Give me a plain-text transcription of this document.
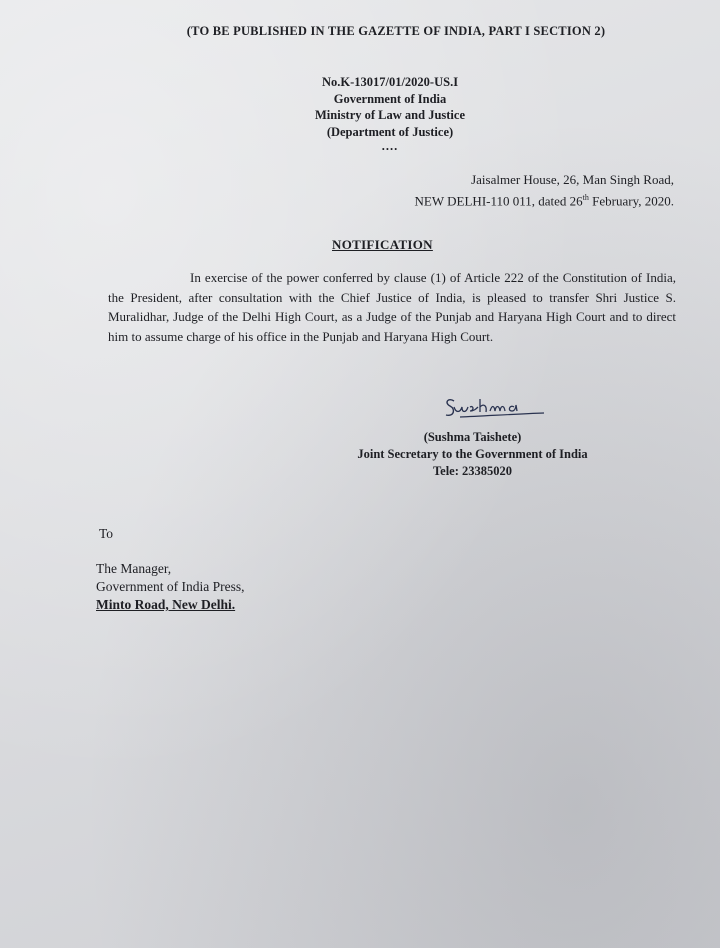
(TO BE PUBLISHED IN THE GAZETTE OF INDIA, PART I SECTION 2)
No.K-13017/01/2020-US.I
Government of India
Ministry of Law and Justice
(Department of Justice)
....
Jaisalmer House, 26, Man Singh Road,
NEW DELHI-110 011, dated 26th February, 2020.
NOTIFICATION
In exercise of the power conferred by clause (1) of Article 222 of the Constitution of India, the President, after consultation with the Chief Justice of India, is pleased to transfer Shri Justice S. Muralidhar, Judge of the Delhi High Court, as a Judge of the Punjab and Haryana High Court and to direct him to assume charge of his office in the Punjab and Haryana High Court.
(Sushma Taishete)
Joint Secretary to the Government of India
Tele: 23385020
To
The Manager,
Government of India Press,
Minto Road, New Delhi.
